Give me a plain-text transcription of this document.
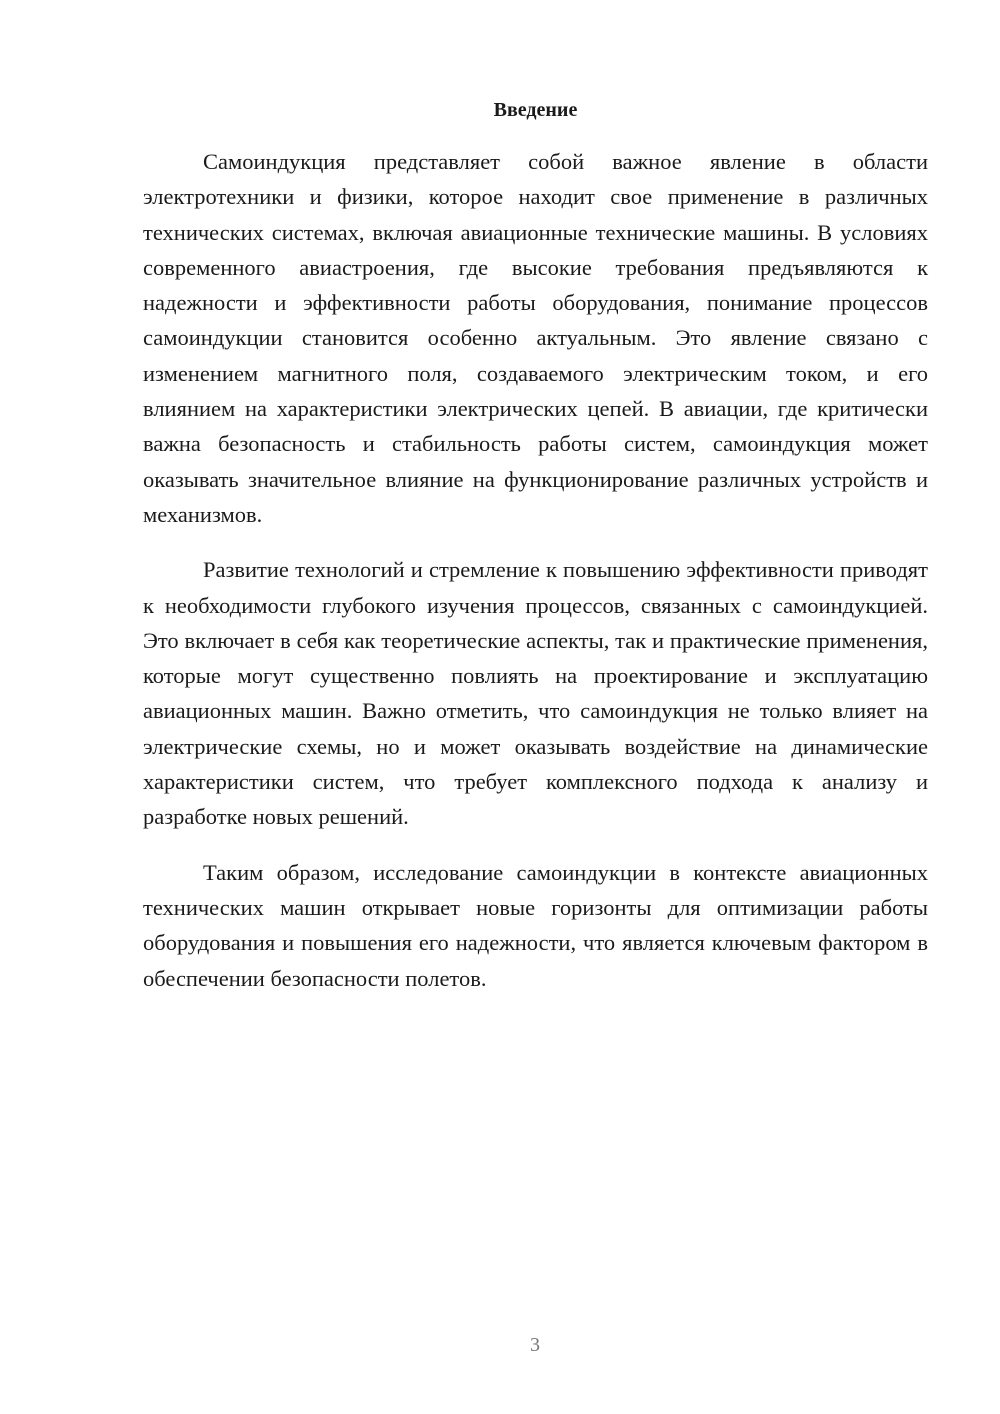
Введение

Самоиндукция представляет собой важное явление в области электротехники и физики, которое находит свое применение в различных технических системах, включая авиационные технические машины. В условиях современного авиастроения, где высокие требования предъявляются к надежности и эффективности работы оборудования, понимание процессов самоиндукции становится особенно актуальным. Это явление связано с изменением магнитного поля, создаваемого электрическим током, и его влиянием на характеристики электрических цепей. В авиации, где критически важна безопасность и стабильность работы систем, самоиндукция может оказывать значительное влияние на функционирование различных устройств и механизмов.

Развитие технологий и стремление к повышению эффективности приводят к необходимости глубокого изучения процессов, связанных с самоиндукцией. Это включает в себя как теоретические аспекты, так и практические применения, которые могут существенно повлиять на проектирование и эксплуатацию авиационных машин. Важно отметить, что самоиндукция не только влияет на электрические схемы, но и может оказывать воздействие на динамические характеристики систем, что требует комплексного подхода к анализу и разработке новых решений.

Таким образом, исследование самоиндукции в контексте авиационных технических машин открывает новые горизонты для оптимизации работы оборудования и повышения его надежности, что является ключевым фактором в обеспечении безопасности полетов.

3
